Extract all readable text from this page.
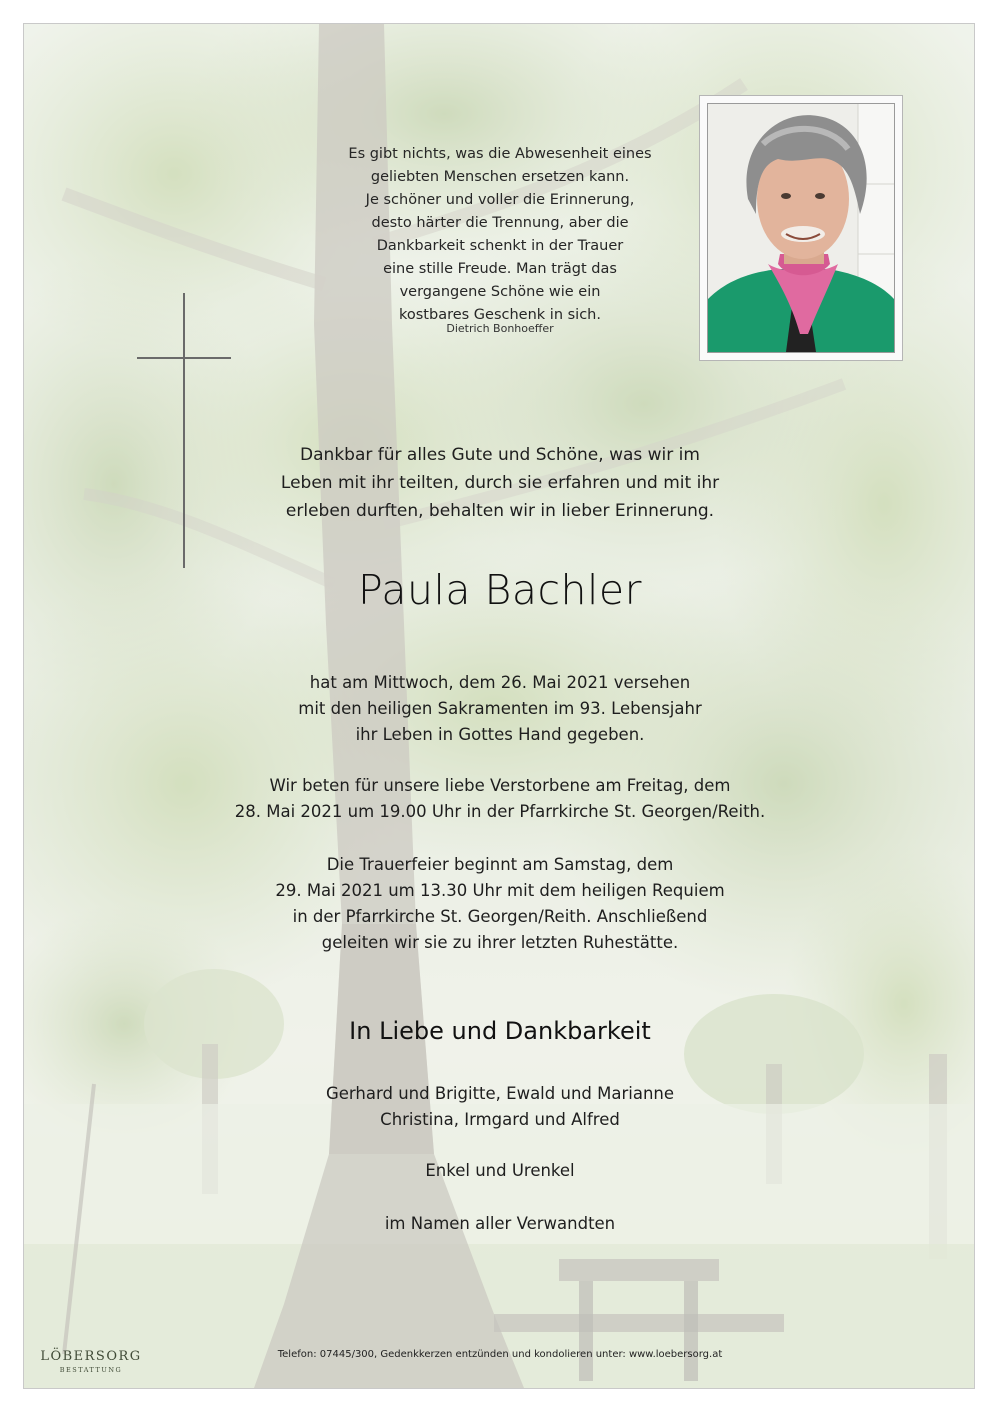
Es gibt nichts, was die Abwesenheit eines
geliebten Menschen ersetzen kann.
Je schöner und voller die Erinnerung,
desto härter die Trennung, aber die
Dankbarkeit schenkt in der Trauer
eine stille Freude. Man trägt das
vergangene Schöne wie ein
kostbares Geschenk in sich.
Dietrich Bonhoeffer
Dankbar für alles Gute und Schöne, was wir im
Leben mit ihr teilten, durch sie erfahren und mit ihr
erleben durften, behalten wir in lieber Erinnerung.
Paula Bachler
hat am Mittwoch, dem 26. Mai 2021 versehen
mit den heiligen Sakramenten im 93. Lebensjahr
ihr Leben in Gottes Hand gegeben.
Wir beten für unsere liebe Verstorbene am Freitag, dem
28. Mai 2021 um 19.00 Uhr in der Pfarrkirche St. Georgen/Reith.
Die Trauerfeier beginnt am Samstag, dem
29. Mai 2021 um 13.30 Uhr mit dem heiligen Requiem
in der Pfarrkirche St. Georgen/Reith. Anschließend
geleiten wir sie zu ihrer letzten Ruhestätte.
In Liebe und Dankbarkeit
Gerhard und Brigitte, Ewald und Marianne
Christina, Irmgard und Alfred
Enkel und Urenkel
im Namen aller Verwandten
Telefon: 07445/300, Gedenkkerzen entzünden und kondolieren unter: www.loebersorg.at
LÖBERSORG
BESTATTUNG
